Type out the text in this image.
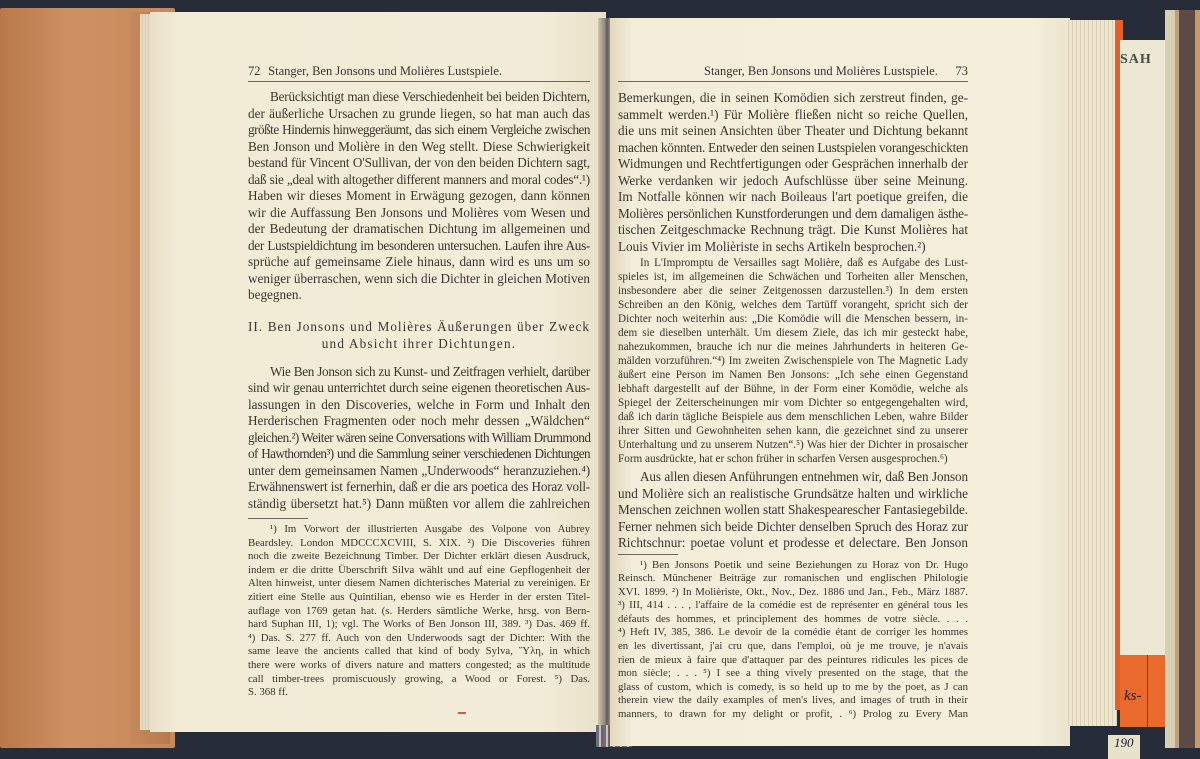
72 Stanger, Ben Jonsons und Molières Lustspiele.
Berücksichtigt man diese Verschiedenheit bei beiden Dichtern,
der äußerliche Ursachen zu grunde liegen, so hat man auch das
größte Hindernis hinweggeräumt, das sich einem Vergleiche zwischen
Ben Jonson und Molière in den Weg stellt. Diese Schwierigkeit
bestand für Vincent O'Sullivan, der von den beiden Dichtern sagt,
daß sie „deal with altogether different manners and moral codes“.¹)
Haben wir dieses Moment in Erwägung gezogen, dann können
wir die Auffassung Ben Jonsons und Molières vom Wesen und
der Bedeutung der dramatischen Dichtung im allgemeinen und
der Lustspieldichtung im besonderen untersuchen. Laufen ihre Aus-
sprüche auf gemeinsame Ziele hinaus, dann wird es uns um so
weniger überraschen, wenn sich die Dichter in gleichen Motiven
begegnen.
II. Ben Jonsons und Molières Äußerungen über Zweck
und Absicht ihrer Dichtungen.
Wie Ben Jonson sich zu Kunst- und Zeitfragen verhielt, darüber
sind wir genau unterrichtet durch seine eigenen theoretischen Aus-
lassungen in den Discoveries, welche in Form und Inhalt den
Herderischen Fragmenten oder noch mehr dessen „Wäldchen“
gleichen.²) Weiter wären seine Conversations with William Drummond
of Hawthornden³) und die Sammlung seiner verschiedenen Dichtungen
unter dem gemeinsamen Namen „Underwoods“ heranzuziehen.⁴)
Erwähnenswert ist fernerhin, daß er die ars poetica des Horaz voll-
ständig übersetzt hat.⁵) Dann müßten vor allem die zahlreichen
¹) Im Vorwort der illustrierten Ausgabe des Volpone von Aubrey
Beardsley. London MDCCCXCVIII, S. XIX. ²) Die Discoveries führen
noch die zweite Bezeichnung Timber. Der Dichter erklärt diesen Ausdruck,
indem er die dritte Überschrift Silva wählt und auf eine Gepflogenheit der
Alten hinweist, unter diesem Namen dichterisches Material zu vereinigen. Er
zitiert eine Stelle aus Quintilian, ebenso wie es Herder in der ersten Titel-
auflage von 1769 getan hat. (s. Herders sämtliche Werke, hrsg. von Bern-
hard Suphan III, 1); vgl. The Works of Ben Jonson III, 389. ³) Das. 469 ff.
⁴) Das. S. 277 ff. Auch von den Underwoods sagt der Dichter: With the
same leave the ancients called that kind of body Sylva, ῞Υλη, in which
there were works of divers nature and matters congested; as the multitude
call timber-trees promiscuously growing, a Wood or Forest. ⁵) Das.
S. 368 ff.
Stanger, Ben Jonsons und Molières Lustspiele. 73
Bemerkungen, die in seinen Komödien sich zerstreut finden, ge-
sammelt werden.¹) Für Molière fließen nicht so reiche Quellen,
die uns mit seinen Ansichten über Theater und Dichtung bekannt
machen könnten. Entweder den seinen Lustspielen vorangeschickten
Widmungen und Rechtfertigungen oder Gesprächen innerhalb der
Werke verdanken wir jedoch Aufschlüsse über seine Meinung.
Im Notfalle können wir nach Boileaus l'art poetique greifen, die
Molières persönlichen Kunstforderungen und dem damaligen ästhe-
tischen Zeitgeschmacke Rechnung trägt. Die Kunst Molières hat
Louis Vivier im Molièriste in sechs Artikeln besprochen.²)
In L'Impromptu de Versailles sagt Molière, daß es Aufgabe des Lust-
spieles ist, im allgemeinen die Schwächen und Torheiten aller Menschen,
insbesondere aber die seiner Zeitgenossen darzustellen.³) In dem ersten
Schreiben an den König, welches dem Tartüff vorangeht, spricht sich der
Dichter noch weiterhin aus: „Die Komödie will die Menschen bessern, in-
dem sie dieselben unterhält. Um diesem Ziele, das ich mir gesteckt habe,
nahezukommen, brauche ich nur die meines Jahrhunderts in heiteren Ge-
mälden vorzuführen.“⁴) Im zweiten Zwischenspiele von The Magnetic Lady
äußert eine Person im Namen Ben Jonsons: „Ich sehe einen Gegenstand
lebhaft dargestellt auf der Bühne, in der Form einer Komödie, welche als
Spiegel der Zeiterscheinungen mir vom Dichter so entgegengehalten wird,
daß ich darin tägliche Beispiele aus dem menschlichen Leben, wahre Bilder
ihrer Sitten und Gewohnheiten sehen kann, die gezeichnet sind zu unserer
Unterhaltung und zu unserem Nutzen“.⁵) Was hier der Dichter in prosaischer
Form ausdrückte, hat er schon früher in scharfen Versen ausgesprochen.⁶)
Aus allen diesen Anführungen entnehmen wir, daß Ben Jonson
und Molière sich an realistische Grundsätze halten und wirkliche
Menschen zeichnen wollen statt Shakespearescher Fantasiegebilde.
Ferner nehmen sich beide Dichter denselben Spruch des Horaz zur
Richtschnur: poetae volunt et prodesse et delectare. Ben Jonson
¹) Ben Jonsons Poetik und seine Beziehungen zu Horaz von Dr. Hugo
Reinsch. Münchener Beiträge zur romanischen und englischen Philologie
XVI. 1899. ²) In Molièriste, Okt., Nov., Dez. 1886 und Jan., Feb., März 1887.
³) III, 414 . . . , l'affaire de la comédie est de représenter en général tous les
défauts des hommes, et principlement des hommes de votre siècle. . . .
⁴) Heft IV, 385, 386. Le devoir de la comédie étant de corriger les hommes
en les divertissant, j'ai cru que, dans l'emploi, où je me trouve, je n'avais
rien de mieux à faire que d'attaquer par des peintures ridicules les pices de
mon siècle; . . . ⁵) I see a thing vively presented on the stage, that the
glass of custom, which is comedy, is so held up to me by the poet, as J can
therein view the daily examples of men's lives, and images of truth in their
manners, to drawn for my delight or profit, . ⁶) Prolog zu Every Man
SAH
ks-
190
